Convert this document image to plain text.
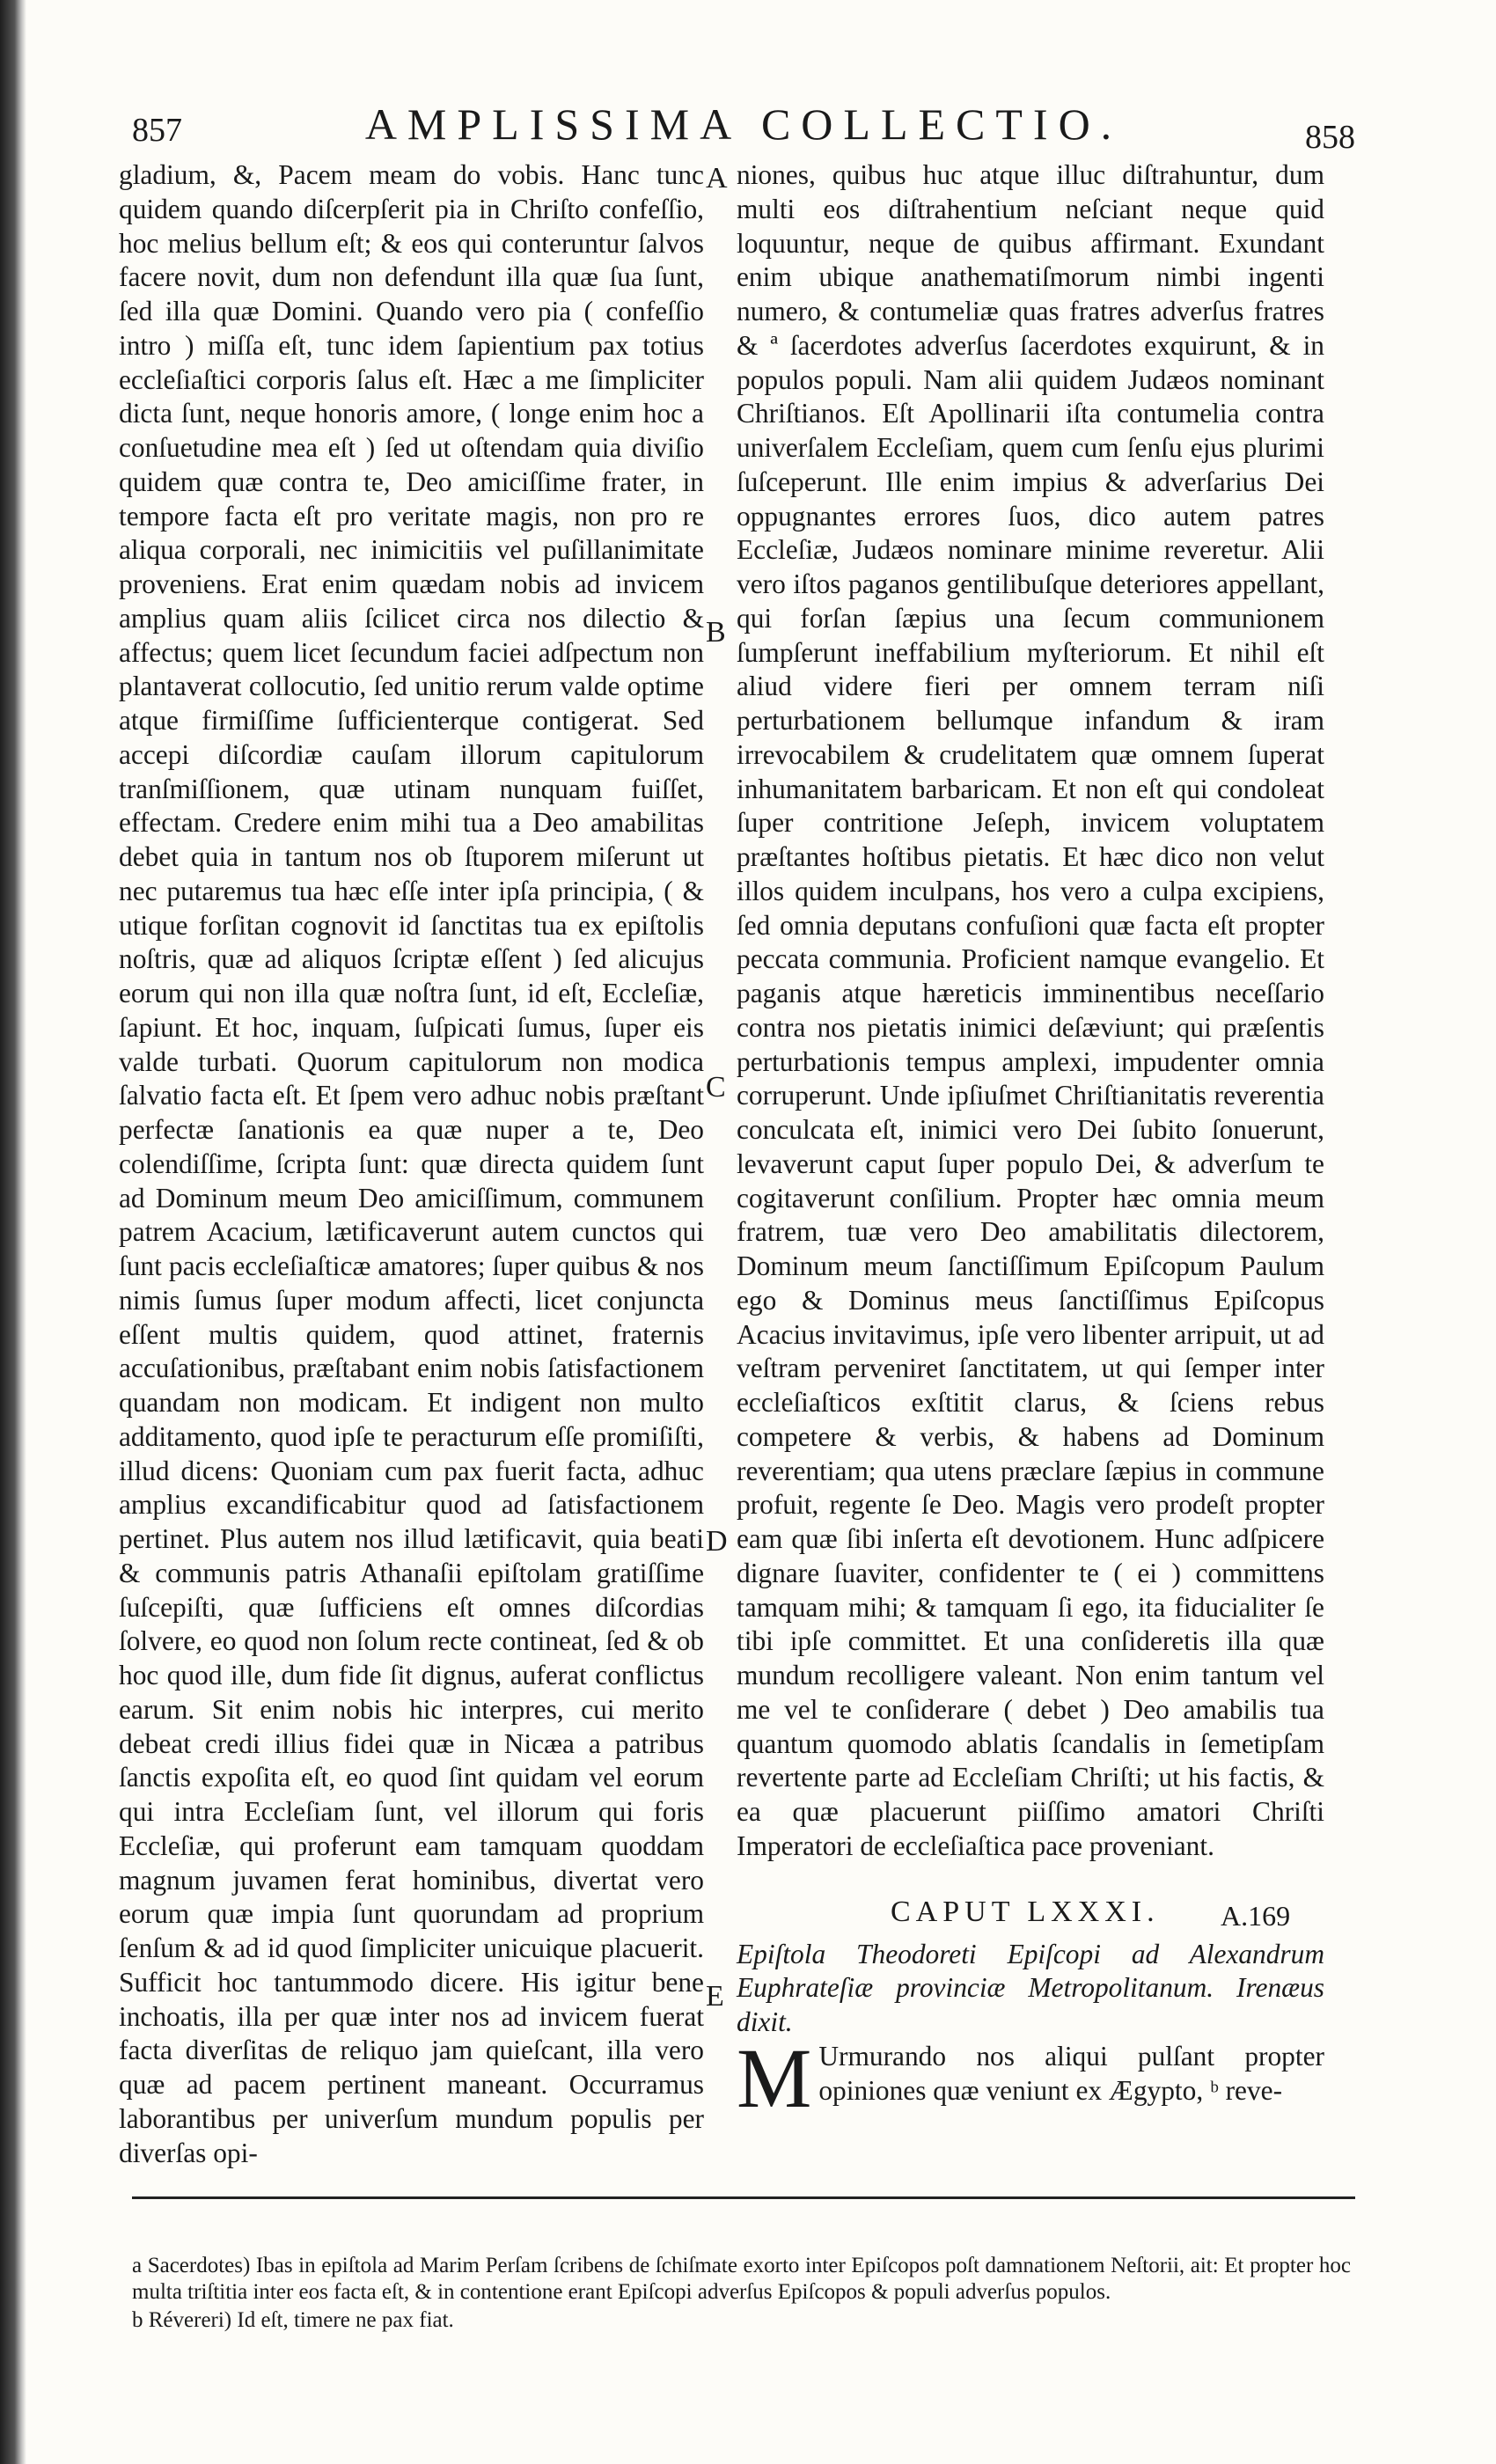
857	AMPLISSIMA COLLECTIO.	858

gladium, &, Pacem meam do vobis. Hanc tunc quidem quando diſcerpſerit pia in Chriſto confeſſio, hoc melius bellum eſt; & eos qui conteruntur ſalvos facere novit, dum non defendunt illa quæ ſua ſunt, ſed illa quæ Domini. Quando vero pia ( confeſſio intro ) miſſa eſt, tunc idem ſapientium pax totius eccleſiaſtici corporis ſalus eſt. Hæc a me ſimpliciter dicta ſunt, neque honoris amore, ( longe enim hoc a conſuetudine mea eſt ) ſed ut oſtendam quia diviſio quidem quæ contra te, Deo amiciſſime frater, in tempore facta eſt pro veritate magis, non pro re aliqua corporali, nec inimicitiis vel puſillanimitate proveniens. Erat enim quædam nobis ad invicem amplius quam aliis ſcilicet circa nos dilectio & affectus; quem licet ſecundum faciei adſpectum non plantaverat collocutio, ſed unitio rerum valde optime atque firmiſſime ſufficienterque contigerat. Sed accepi diſcordiæ cauſam illorum capitulorum tranſmiſſionem, quæ utinam nunquam fuiſſet, effectam. Credere enim mihi tua a Deo amabilitas debet quia in tantum nos ob ſtuporem miſerunt ut nec putaremus tua hæc eſſe inter ipſa principia, ( & utique forſitan cognovit id ſanctitas tua ex epiſtolis noſtris, quæ ad aliquos ſcriptæ eſſent ) ſed alicujus eorum qui non illa quæ noſtra ſunt, id eſt, Eccleſiæ, ſapiunt. Et hoc, inquam, ſuſpicati ſumus, ſuper eis valde turbati. Quorum capitulorum non modica ſalvatio facta eſt. Et ſpem vero adhuc nobis præſtant perfectæ ſanationis ea quæ nuper a te, Deo colendiſſime, ſcripta ſunt: quæ directa quidem ſunt ad Dominum meum Deo amiciſſimum, communem patrem Acacium, lætificaverunt autem cunctos qui ſunt pacis eccleſiaſticæ amatores; ſuper quibus & nos nimis ſumus ſuper modum affecti, licet conjuncta eſſent multis quidem, quod attinet, fraternis accuſationibus, præſtabant enim nobis ſatisfactionem quandam non modicam. Et indigent non multo additamento, quod ipſe te peracturum eſſe promiſiſti, illud dicens: Quoniam cum pax fuerit facta, adhuc amplius excandificabitur quod ad ſatisfactionem pertinet. Plus autem nos illud lætificavit, quia beati & communis patris Athanaſii epiſtolam gratiſſime ſuſcepiſti, quæ ſufficiens eſt omnes diſcordias ſolvere, eo quod non ſolum recte contineat, ſed & ob hoc quod ille, dum fide ſit dignus, auferat conflictus earum. Sit enim nobis hic interpres, cui merito debeat credi illius fidei quæ in Nicæa a patribus ſanctis expoſita eſt, eo quod ſint quidam vel eorum qui intra Eccleſiam ſunt, vel illorum qui foris Eccleſiæ, qui proferunt eam tamquam quoddam magnum juvamen ferat hominibus, divertat vero eorum quæ impia ſunt quorundam ad proprium ſenſum & ad id quod ſimpliciter unicuique placuerit. Sufficit hoc tantummodo dicere. His igitur bene inchoatis, illa per quæ inter nos ad invicem fuerat facta diverſitas de reliquo jam quieſcant, illa vero quæ ad pacem pertinent maneant. Occurramus laborantibus per univerſum mundum populis per diverſas opi-

A
B
C
D
E

niones, quibus huc atque illuc diſtrahuntur, dum multi eos diſtrahentium neſciant neque quid loquuntur, neque de quibus affirmant. Exundant enim ubique anathematiſmorum nimbi ingenti numero, & contumeliæ quas fratres adverſus fratres & ª ſacerdotes adverſus ſacerdotes exquirunt, & in populos populi. Nam alii quidem Judæos nominant Chriſtianos. Eſt Apollinarii iſta contumelia contra univerſalem Eccleſiam, quem cum ſenſu ejus plurimi ſuſceperunt. Ille enim impius & adverſarius Dei oppugnantes errores ſuos, dico autem patres Eccleſiæ, Judæos nominare minime reveretur. Alii vero iſtos paganos gentilibuſque deteriores appellant, qui forſan ſæpius una ſecum communionem ſumpſerunt ineffabilium myſteriorum. Et nihil eſt aliud videre fieri per omnem terram niſi perturbationem bellumque infandum & iram irrevocabilem & crudelitatem quæ omnem ſuperat inhumanitatem barbaricam. Et non eſt qui condoleat ſuper contritione Jeſeph, invicem voluptatem præſtantes hoſtibus pietatis. Et hæc dico non velut illos quidem inculpans, hos vero a culpa excipiens, ſed omnia deputans confuſioni quæ facta eſt propter peccata communia. Proficient namque evangelio. Et paganis atque hæreticis imminentibus neceſſario contra nos pietatis inimici deſæviunt; qui præſentis perturbationis tempus amplexi, impudenter omnia corruperunt. Unde ipſiuſmet Chriſtianitatis reverentia conculcata eſt, inimici vero Dei ſubito ſonuerunt, levaverunt caput ſuper populo Dei, & adverſum te cogitaverunt conſilium. Propter hæc omnia meum fratrem, tuæ vero Deo amabilitatis dilectorem, Dominum meum ſanctiſſimum Epiſcopum Paulum ego & Dominus meus ſanctiſſimus Epiſcopus Acacius invitavimus, ipſe vero libenter arripuit, ut ad veſtram perveniret ſanctitatem, ut qui ſemper inter eccleſiaſticos exſtitit clarus, & ſciens rebus competere & verbis, & habens ad Dominum reverentiam; qua utens præclare ſæpius in commune profuit, regente ſe Deo. Magis vero prodeſt propter eam quæ ſibi inſerta eſt devotionem. Hunc adſpicere dignare ſuaviter, confidenter te ( ei ) committens tamquam mihi; & tamquam ſi ego, ita fiducialiter ſe tibi ipſe committet. Et una conſideretis illa quæ mundum recolligere valeant. Non enim tantum vel me vel te conſiderare ( debet ) Deo amabilis tua quantum quomodo ablatis ſcandalis in ſemetipſam revertente parte ad Eccleſiam Chriſti; ut his factis, & ea quæ placuerunt piiſſimo amatori Chriſti Imperatori de eccleſiaſtica pace proveniant.

CAPUT LXXXI. A.169

Epiſtola Theodoreti Epiſcopi ad Alexandrum Euphrateſiæ provinciæ Metropolitanum. Irenæus dixit.

M Urmurando nos aliqui pulſant propter opiniones quæ veniunt ex Ægypto, ᵇ reve-

a Sacerdotes) Ibas in epiſtola ad Marim Perſam ſcribens de ſchiſmate exorto inter Epiſcopos poſt damnationem Neſtorii, ait: Et propter hoc multa triſtitia inter eos facta eſt, & in contentione erant Epiſcopi adverſus Epiſcopos & populi adverſus populos.
b Révereri) Id eſt, timere ne pax fiat.
